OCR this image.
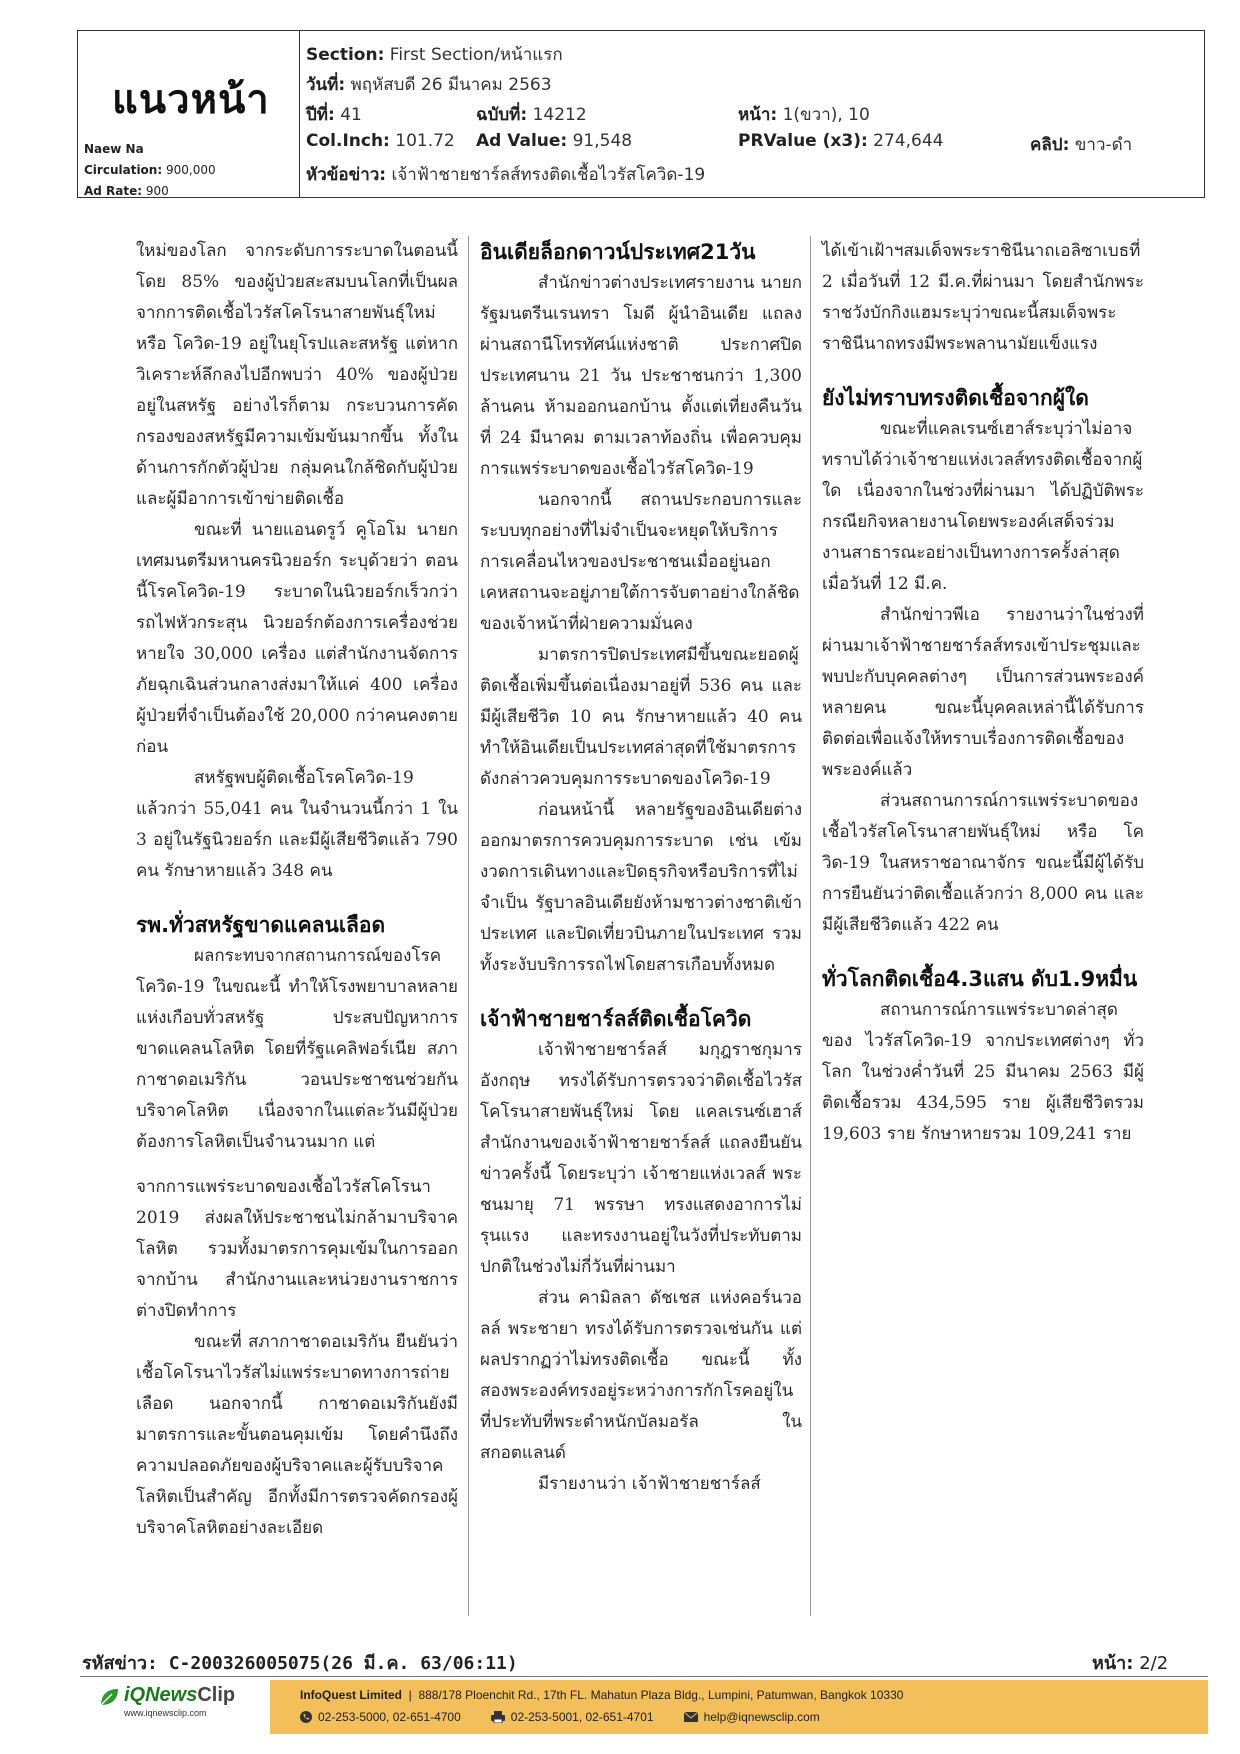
แนวหน้า
Naew Na
Circulation: 900,000
Ad Rate: 900
Section: First Section/หน้าแรก
วันที่: พฤหัสบดี 26 มีนาคม 2563
ปีที่: 41	ฉบับที่: 14212	หน้า: 1(ขวา), 10
Col.Inch: 101.72 Ad Value: 91,548	PRValue (x3): 274,644	คลิป: ขาว-ดำ
หัวข้อข่าว: เจ้าฟ้าชายชาร์ลส์ทรงติดเชื้อไวรัสโควิด-19

ใหม่ของโลก จากระดับการระบาดในตอนนี้ โดย 85% ของผู้ป่วยสะสมบนโลกที่เป็นผลจากการติดเชื้อไวรัสโคโรนาสายพันธุ์ใหม่ หรือ โควิด-19 อยู่ในยุโรปและสหรัฐ แต่หากวิเคราะห์ลึกลงไปอีกพบว่า 40% ของผู้ป่วยอยู่ในสหรัฐ อย่างไรก็ตาม กระบวนการคัดกรองของสหรัฐมีความเข้มข้นมากขึ้น ทั้งในด้านการกักตัวผู้ป่วย กลุ่มคนใกล้ชิดกับผู้ป่วย และผู้มีอาการเข้าข่ายติดเชื้อ

ขณะที่ นายแอนดรูว์ คูโอโม นายกเทศมนตรีมหานครนิวยอร์ก ระบุด้วยว่า ตอนนี้โรคโควิด-19 ระบาดในนิวยอร์กเร็วกว่ารถไฟหัวกระสุน นิวยอร์กต้องการเครื่องช่วยหายใจ 30,000 เครื่อง แต่สำนักงานจัดการภัยฉุกเฉินส่วนกลางส่งมาให้แค่ 400 เครื่อง ผู้ป่วยที่จำเป็นต้องใช้ 20,000 กว่าคนคงตายก่อน

สหรัฐพบผู้ติดเชื้อโรคโควิด-19 แล้วกว่า 55,041 คน ในจำนวนนี้กว่า 1 ใน 3 อยู่ในรัฐนิวยอร์ก และมีผู้เสียชีวิตแล้ว 790 คน รักษาหายแล้ว 348 คน

รพ.ทั่วสหรัฐขาดแคลนเลือด

ผลกระทบจากสถานการณ์ของโรคโควิด-19 ในขณะนี้ ทำให้โรงพยาบาลหลายแห่งเกือบทั่วสหรัฐ ประสบปัญหาการขาดแคลนโลหิต โดยที่รัฐแคลิฟอร์เนีย สภากาชาดอเมริกัน วอนประชาชนช่วยกันบริจาคโลหิต เนื่องจากในแต่ละวันมีผู้ป่วยต้องการโลหิตเป็นจำนวนมาก แต่

จากการแพร่ระบาดของเชื้อไวรัสโคโรนา 2019 ส่งผลให้ประชาชนไม่กล้ามาบริจาคโลหิต รวมทั้งมาตรการคุมเข้มในการออกจากบ้าน สำนักงานและหน่วยงานราชการต่างปิดทำการ

ขณะที่ สภากาชาดอเมริกัน ยืนยันว่า เชื้อโคโรนาไวรัสไม่แพร่ระบาดทางการถ่ายเลือด นอกจากนี้ กาชาดอเมริกันยังมีมาตรการและขั้นตอนคุมเข้ม โดยคำนึงถึงความปลอดภัยของผู้บริจาคและผู้รับบริจาคโลหิตเป็นสำคัญ อีกทั้งมีการตรวจคัดกรองผู้บริจาคโลหิตอย่างละเอียด

อินเดียล็อกดาวน์ประเทศ21วัน

สำนักข่าวต่างประเทศรายงาน นายกรัฐมนตรีนเรนทรา โมดี ผู้นำอินเดีย แถลงผ่านสถานีโทรทัศน์แห่งชาติ ประกาศปิดประเทศนาน 21 วัน ประชาชนกว่า 1,300 ล้านคน ห้ามออกนอกบ้าน ตั้งแต่เที่ยงคืนวันที่ 24 มีนาคม ตามเวลาท้องถิ่น เพื่อควบคุมการแพร่ระบาดของเชื้อไวรัสโควิด-19

นอกจากนี้ สถานประกอบการและระบบทุกอย่างที่ไม่จำเป็นจะหยุดให้บริการ การเคลื่อนไหวของประชาชนเมื่ออยู่นอกเคหสถานจะอยู่ภายใต้การจับตาอย่างใกล้ชิดของเจ้าหน้าที่ฝ่ายความมั่นคง

มาตรการปิดประเทศมีขึ้นขณะยอดผู้ติดเชื้อเพิ่มขึ้นต่อเนื่องมาอยู่ที่ 536 คน และมีผู้เสียชีวิต 10 คน รักษาหายแล้ว 40 คน ทำให้อินเดียเป็นประเทศล่าสุดที่ใช้มาตรการดังกล่าวควบคุมการระบาดของโควิด-19

ก่อนหน้านี้ หลายรัฐของอินเดียต่างออกมาตรการควบคุมการระบาด เช่น เข้มงวดการเดินทางและปิดธุรกิจหรือบริการที่ไม่จำเป็น รัฐบาลอินเดียยังห้ามชาวต่างชาติเข้าประเทศ และปิดเที่ยวบินภายในประเทศ รวมทั้งระงับบริการรถไฟโดยสารเกือบทั้งหมด

เจ้าฟ้าชายชาร์ลส์ติดเชื้อโควิด

เจ้าฟ้าชายชาร์ลส์ มกุฎราชกุมารอังกฤษ ทรงได้รับการตรวจว่าติดเชื้อไวรัสโคโรนาสายพันธุ์ใหม่ โดย แคลเรนซ์เฮาส์ สำนักงานของเจ้าฟ้าชายชาร์ลส์ แถลงยืนยันข่าวครั้งนี้ โดยระบุว่า เจ้าชายแห่งเวลส์ พระชนมายุ 71 พรรษา ทรงแสดงอาการไม่รุนแรง และทรงงานอยู่ในวังที่ประทับตามปกติในช่วงไม่กี่วันที่ผ่านมา

ส่วน คามิลลา ดัชเชส แห่งคอร์นวอลล์ พระชายา ทรงได้รับการตรวจเช่นกัน แต่ผลปรากฏว่าไม่ทรงติดเชื้อ ขณะนี้ ทั้งสองพระองค์ทรงอยู่ระหว่างการกักโรคอยู่ในที่ประทับที่พระตำหนักบัลมอรัล ในสกอตแลนด์

มีรายงานว่า เจ้าฟ้าชายชาร์ลส์

ได้เข้าเฝ้าฯสมเด็จพระราชินีนาถเอลิซาเบธที่ 2 เมื่อวันที่ 12 มี.ค.ที่ผ่านมา โดยสำนักพระราชวังบักกิงแฮมระบุว่าขณะนี้สมเด็จพระราชินีนาถทรงมีพระพลานามัยแข็งแรง

ยังไม่ทราบทรงติดเชื้อจากผู้ใด

ขณะที่แคลเรนซ์เฮาส์ระบุว่าไม่อาจทราบได้ว่าเจ้าชายแห่งเวลส์ทรงติดเชื้อจากผู้ใด เนื่องจากในช่วงที่ผ่านมา ได้ปฏิบัติพระกรณียกิจหลายงานโดยพระองค์เสด็จร่วมงานสาธารณะอย่างเป็นทางการครั้งล่าสุด เมื่อวันที่ 12 มี.ค.

สำนักข่าวพีเอ รายงานว่าในช่วงที่ผ่านมาเจ้าฟ้าชายชาร์ลส์ทรงเข้าประชุมและพบปะกับบุคคลต่างๆ เป็นการส่วนพระองค์หลายคน ขณะนี้บุคคลเหล่านี้ได้รับการติดต่อเพื่อแจ้งให้ทราบเรื่องการติดเชื้อของพระองค์แล้ว

ส่วนสถานการณ์การแพร่ระบาดของเชื้อไวรัสโคโรนาสายพันธุ์ใหม่ หรือ โควิด-19 ในสหราชอาณาจักร ขณะนี้มีผู้ได้รับการยืนยันว่าติดเชื้อแล้วกว่า 8,000 คน และมีผู้เสียชีวิตแล้ว 422 คน

ทั่วโลกติดเชื้อ4.3แสน ดับ1.9หมื่น

สถานการณ์การแพร่ระบาดล่าสุดของ ไวรัสโควิด-19 จากประเทศต่างๆ ทั่วโลก ในช่วงค่ำวันที่ 25 มีนาคม 2563 มีผู้ติดเชื้อรวม 434,595 ราย ผู้เสียชีวิตรวม 19,603 ราย รักษาหายรวม 109,241 ราย

รหัสข่าว: C-200326005075(26 มี.ค. 63/06:11)	หน้า: 2/2
iQNewsClip
www.iqnewsclip.com
InfoQuest Limited  |  888/178 Ploenchit Rd., 17th FL. Mahatun Plaza Bldg., Lumpini, Patumwan, Bangkok 10330
02-253-5000, 02-651-4700	02-253-5001, 02-651-4701	help@iqnewsclip.com
